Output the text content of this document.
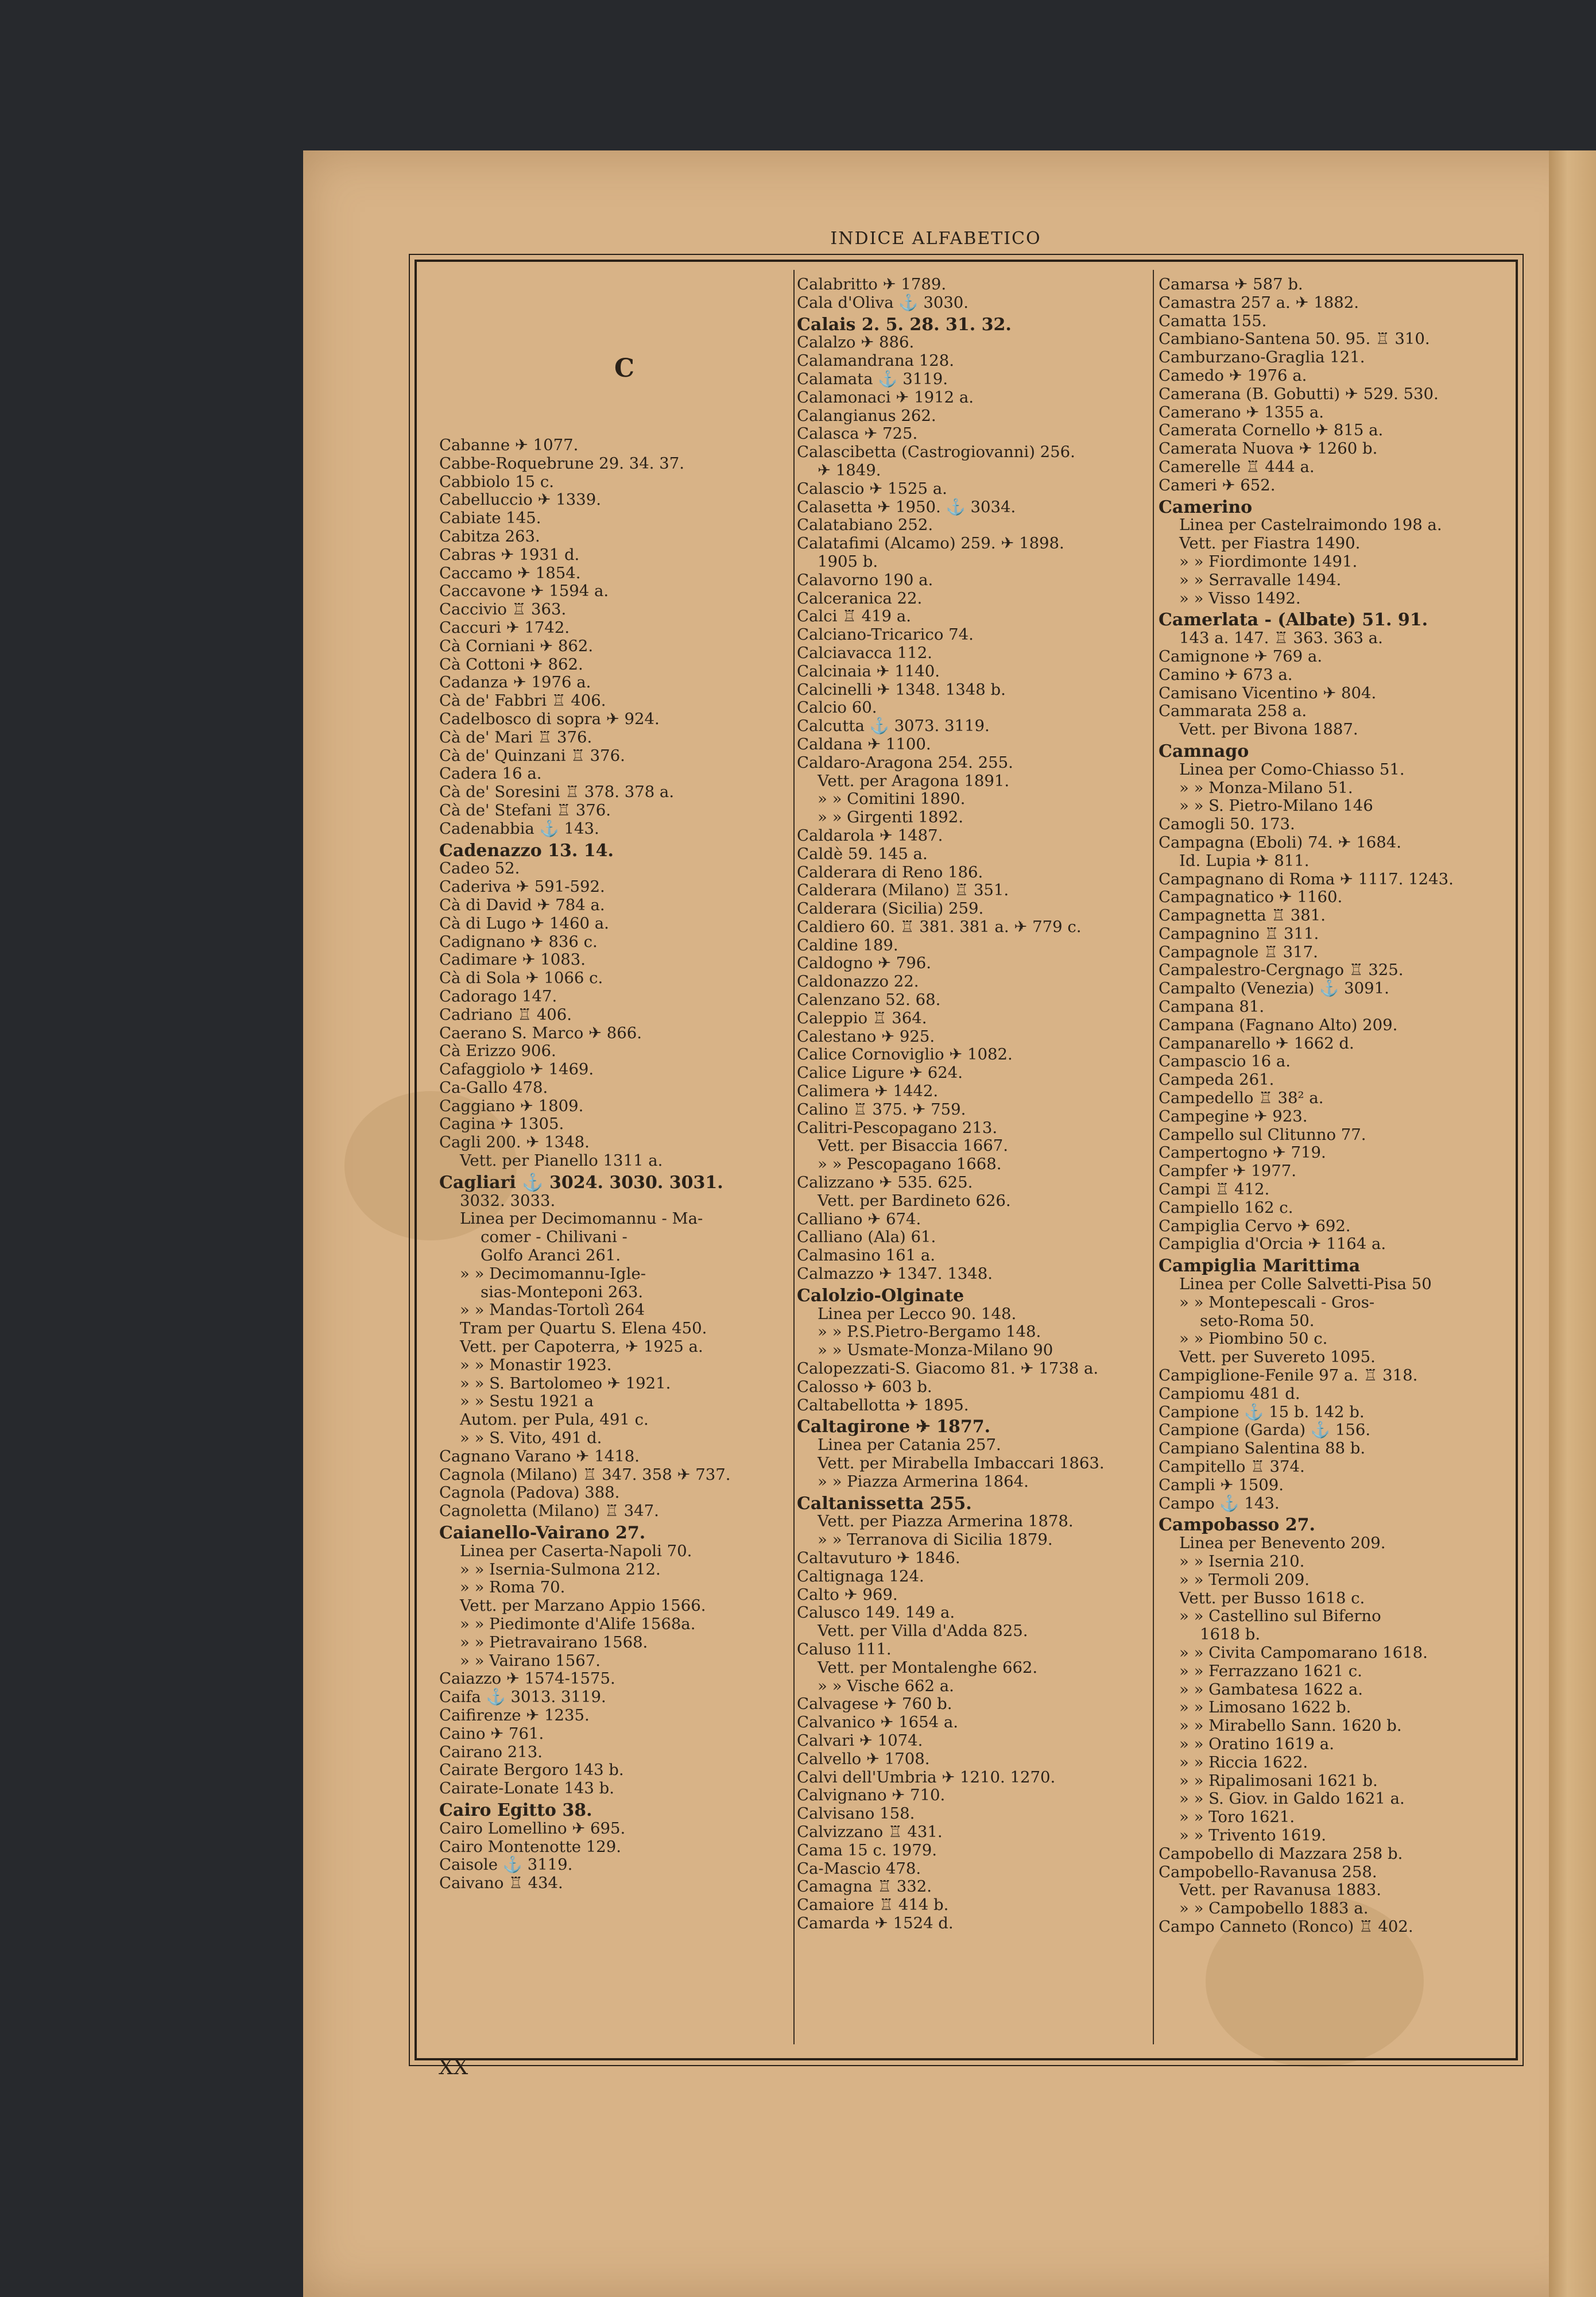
INDICE ALFABETICO
C
Cabanne ✈ 1077.
Cabbe-Roquebrune 29. 34. 37.
Cabbiolo 15 c.
Cabelluccio ✈ 1339.
Cabiate 145.
Cabitza 263.
Cabras ✈ 1931 d.
Caccamo ✈ 1854.
Caccavone ✈ 1594 a.
Caccivio ♖ 363.
Caccuri ✈ 1742.
Cà Corniani ✈ 862.
Cà Cottoni ✈ 862.
Cadanza ✈ 1976 a.
Cà de' Fabbri ♖ 406.
Cadelbosco di sopra ✈ 924.
Cà de' Mari ♖ 376.
Cà de' Quinzani ♖ 376.
Cadera 16 a.
Cà de' Soresini ♖ 378. 378 a.
Cà de' Stefani ♖ 376.
Cadenabbia ⚓ 143.
Cadenazzo 13. 14.
Cadeo 52.
Caderiva ✈ 591-592.
Cà di David ✈ 784 a.
Cà di Lugo ✈ 1460 a.
Cadignano ✈ 836 c.
Cadimare ✈ 1083.
Cà di Sola ✈ 1066 c.
Cadorago 147.
Cadriano ♖ 406.
Caerano S. Marco ✈ 866.
Cà Erizzo 906.
Cafaggiolo ✈ 1469.
Ca-Gallo 478.
Caggiano ✈ 1809.
Cagina ✈ 1305.
Cagli 200. ✈ 1348.
Vett. per Pianello 1311 a.
Cagliari ⚓ 3024. 3030. 3031.
3032. 3033.
Linea per Decimomannu - Ma-
comer - Chilivani -
Golfo Aranci 261.
» » Decimomannu-Igle-
sias-Monteponi 263.
» » Mandas-Tortolì 264
Tram per Quartu S. Elena 450.
Vett. per Capoterra, ✈ 1925 a.
» » Monastir 1923.
» » S. Bartolomeo ✈ 1921.
» » Sestu 1921 a
Autom. per Pula, 491 c.
» » S. Vito, 491 d.
Cagnano Varano ✈ 1418.
Cagnola (Milano) ♖ 347. 358 ✈ 737.
Cagnola (Padova) 388.
Cagnoletta (Milano) ♖ 347.
Caianello-Vairano 27.
Linea per Caserta-Napoli 70.
» » Isernia-Sulmona 212.
» » Roma 70.
Vett. per Marzano Appio 1566.
» » Piedimonte d'Alife 1568a.
» » Pietravairano 1568.
» » Vairano 1567.
Caiazzo ✈ 1574-1575.
Caifa ⚓ 3013. 3119.
Caifirenze ✈ 1235.
Caino ✈ 761.
Cairano 213.
Cairate Bergoro 143 b.
Cairate-Lonate 143 b.
Cairo Egitto 38.
Cairo Lomellino ✈ 695.
Cairo Montenotte 129.
Caisole ⚓ 3119.
Caivano ♖ 434.
Calabritto ✈ 1789.
Cala d'Oliva ⚓ 3030.
Calais 2. 5. 28. 31. 32.
Calalzo ✈ 886.
Calamandrana 128.
Calamata ⚓ 3119.
Calamonaci ✈ 1912 a.
Calangianus 262.
Calasca ✈ 725.
Calascibetta (Castrogiovanni) 256.
✈ 1849.
Calascio ✈ 1525 a.
Calasetta ✈ 1950. ⚓ 3034.
Calatabiano 252.
Calatafimi (Alcamo) 259. ✈ 1898.
1905 b.
Calavorno 190 a.
Calceranica 22.
Calci ♖ 419 a.
Calciano-Tricarico 74.
Calciavacca 112.
Calcinaia ✈ 1140.
Calcinelli ✈ 1348. 1348 b.
Calcio 60.
Calcutta ⚓ 3073. 3119.
Caldana ✈ 1100.
Caldaro-Aragona 254. 255.
Vett. per Aragona 1891.
» » Comitini 1890.
» » Girgenti 1892.
Caldarola ✈ 1487.
Caldè 59. 145 a.
Calderara di Reno 186.
Calderara (Milano) ♖ 351.
Calderara (Sicilia) 259.
Caldiero 60. ♖ 381. 381 a. ✈ 779 c.
Caldine 189.
Caldogno ✈ 796.
Caldonazzo 22.
Calenzano 52. 68.
Caleppio ♖ 364.
Calestano ✈ 925.
Calice Cornoviglio ✈ 1082.
Calice Ligure ✈ 624.
Calimera ✈ 1442.
Calino ♖ 375. ✈ 759.
Calitri-Pescopagano 213.
Vett. per Bisaccia 1667.
» » Pescopagano 1668.
Calizzano ✈ 535. 625.
Vett. per Bardineto 626.
Calliano ✈ 674.
Calliano (Ala) 61.
Calmasino 161 a.
Calmazzo ✈ 1347. 1348.
Calolzio-Olginate
Linea per Lecco 90. 148.
» » P.S.Pietro-Bergamo 148.
» » Usmate-Monza-Milano 90
Calopezzati-S. Giacomo 81. ✈ 1738 a.
Calosso ✈ 603 b.
Caltabellotta ✈ 1895.
Caltagirone ✈ 1877.
Linea per Catania 257.
Vett. per Mirabella Imbaccari 1863.
» » Piazza Armerina 1864.
Caltanissetta 255.
Vett. per Piazza Armerina 1878.
» » Terranova di Sicilia 1879.
Caltavuturo ✈ 1846.
Caltignaga 124.
Calto ✈ 969.
Calusco 149. 149 a.
Vett. per Villa d'Adda 825.
Caluso 111.
Vett. per Montalenghe 662.
» » Vische 662 a.
Calvagese ✈ 760 b.
Calvanico ✈ 1654 a.
Calvari ✈ 1074.
Calvello ✈ 1708.
Calvi dell'Umbria ✈ 1210. 1270.
Calvignano ✈ 710.
Calvisano 158.
Calvizzano ♖ 431.
Cama 15 c. 1979.
Ca-Mascio 478.
Camagna ♖ 332.
Camaiore ♖ 414 b.
Camarda ✈ 1524 d.
Camarsa ✈ 587 b.
Camastra 257 a. ✈ 1882.
Camatta 155.
Cambiano-Santena 50. 95. ♖ 310.
Camburzano-Graglia 121.
Camedo ✈ 1976 a.
Camerana (B. Gobutti) ✈ 529. 530.
Camerano ✈ 1355 a.
Camerata Cornello ✈ 815 a.
Camerata Nuova ✈ 1260 b.
Camerelle ♖ 444 a.
Cameri ✈ 652.
Camerino
Linea per Castelraimondo 198 a.
Vett. per Fiastra 1490.
» » Fiordimonte 1491.
» » Serravalle 1494.
» » Visso 1492.
Camerlata - (Albate) 51. 91.
143 a. 147. ♖ 363. 363 a.
Camignone ✈ 769 a.
Camino ✈ 673 a.
Camisano Vicentino ✈ 804.
Cammarata 258 a.
Vett. per Bivona 1887.
Camnago
Linea per Como-Chiasso 51.
» » Monza-Milano 51.
» » S. Pietro-Milano 146
Camogli 50. 173.
Campagna (Eboli) 74. ✈ 1684.
Id. Lupia ✈ 811.
Campagnano di Roma ✈ 1117. 1243.
Campagnatico ✈ 1160.
Campagnetta ♖ 381.
Campagnino ♖ 311.
Campagnole ♖ 317.
Campalestro-Cergnago ♖ 325.
Campalto (Venezia) ⚓ 3091.
Campana 81.
Campana (Fagnano Alto) 209.
Campanarello ✈ 1662 d.
Campascio 16 a.
Campeda 261.
Campedello ♖ 38² a.
Campegine ✈ 923.
Campello sul Clitunno 77.
Campertogno ✈ 719.
Campfer ✈ 1977.
Campi ♖ 412.
Campiello 162 c.
Campiglia Cervo ✈ 692.
Campiglia d'Orcia ✈ 1164 a.
Campiglia Marittima
Linea per Colle Salvetti-Pisa 50
» » Montepescali - Gros-
seto-Roma 50.
» » Piombino 50 c.
Vett. per Suvereto 1095.
Campiglione-Fenile 97 a. ♖ 318.
Campiomu 481 d.
Campione ⚓ 15 b. 142 b.
Campione (Garda) ⚓ 156.
Campiano Salentina 88 b.
Campitello ♖ 374.
Campli ✈ 1509.
Campo ⚓ 143.
Campobasso 27.
Linea per Benevento 209.
» » Isernia 210.
» » Termoli 209.
Vett. per Busso 1618 c.
» » Castellino sul Biferno
1618 b.
» » Civita Campomarano 1618.
» » Ferrazzano 1621 c.
» » Gambatesa 1622 a.
» » Limosano 1622 b.
» » Mirabello Sann. 1620 b.
» » Oratino 1619 a.
» » Riccia 1622.
» » Ripalimosani 1621 b.
» » S. Giov. in Galdo 1621 a.
» » Toro 1621.
» » Trivento 1619.
Campobello di Mazzara 258 b.
Campobello-Ravanusa 258.
Vett. per Ravanusa 1883.
» » Campobello 1883 a.
Campo Canneto (Ronco) ♖ 402.
XX
